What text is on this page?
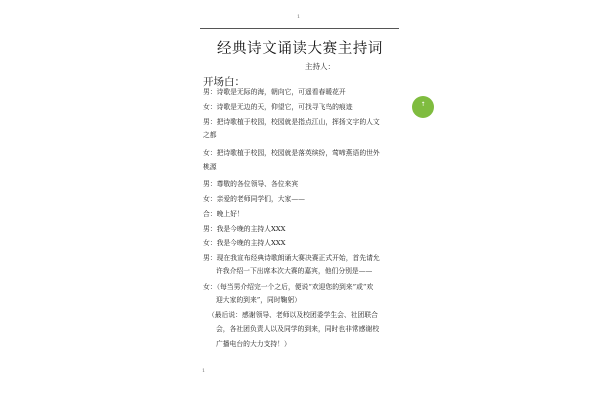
1
经典诗文诵读大赛主持词
主持人：
开场白：
男：诗歌是无际的海，朝向它，可遥看春暖花开
女：诗歌是无边的天，仰望它，可找寻飞鸟的痕迹
男：把诗歌植于校园，校园就是指点江山，挥扬文字的人文
之都
女：把诗歌植于校园，校园就是落英缤纷，莺啼燕语的世外
桃源
男：尊敬的各位领导、各位来宾
女：亲爱的老师同学们，大家——
合：晚上好！
男：我是今晚的主持人XXX
女：我是今晚的主持人XXX
男：现在我宣布经典诗歌朗诵大赛决赛正式开始，首先请允
许我介绍一下出席本次大赛的嘉宾，他们分别是——
女：（每当男介绍完一个之后，便说“欢迎您的到来”或“欢
迎大家的到来”，同时鞠躬）
（最后说：感谢领导、老师以及校团委学生会、社团联合
会，各社团负责人以及同学的到来，同时也非常感谢校
广播电台的大力支持！）
1
↑
